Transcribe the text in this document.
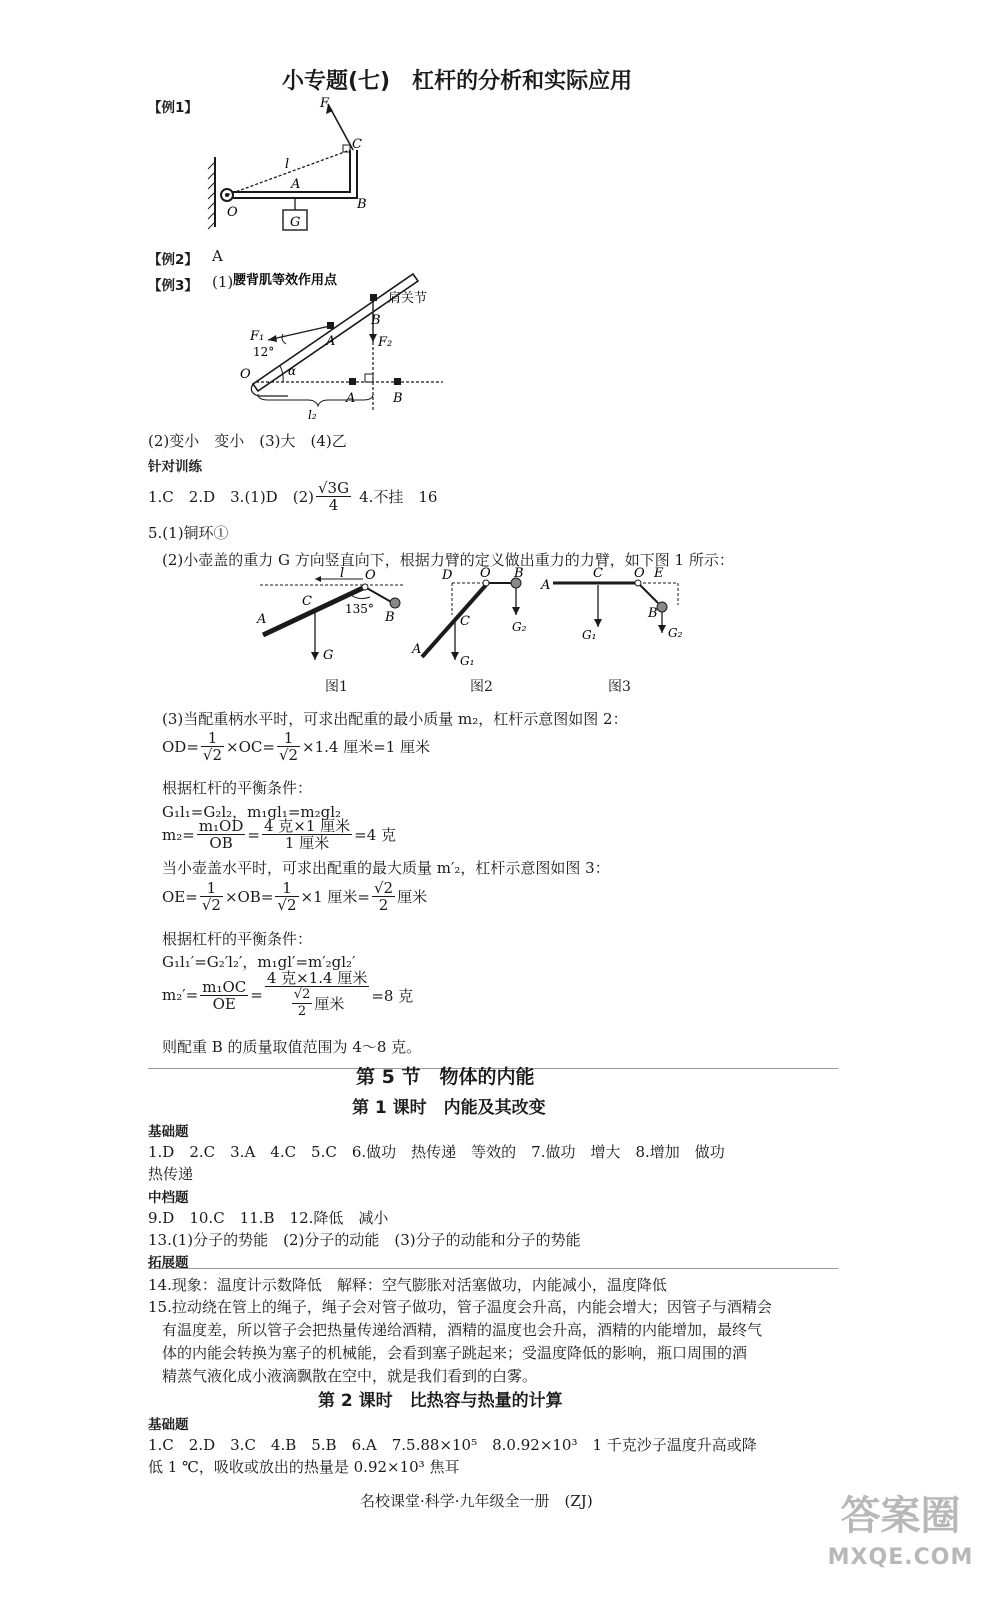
小专题(七)　杠杆的分析和实际应用
【例1】	F
C
l
A
O
B
G
【例2】 A
【例3】 (1) 腰背肌等效作用点
肩关节
F₁	F₂
12°
α
A
B
O
A	B
l₂
(2)变小　变小　(3)大　(4)乙
针对训练
1.C　2.D　3.(1)D　$(2) \frac{√3G}{4} 4$.不挂　16
5.(1)铜环①
(2)小壶盖的重力 G 方向竖直向下，根据力臂的定义做出重力的力臂，如下图 1 所示：
l O
C
A	B
G
135°
图1
D O B
C
A
G₁
G₂
图2
A
C O E
B
G₁	G₂
图3
(3)当配重柄水平时，可求出配重的最小质量 m₂，杠杆示意图如图 2：
$OD= \frac{1}{√2} \times OC= \frac{1}{√2} \times 1.4$ 厘米=1 厘米
根据杠杆的平衡条件：
G₁l₁=G₂l₂，m₁gl₁=m₂gl₂
$m_2= \frac{\text{m₁OD}}{OB} = \frac{\text{4 克×1 厘米}}{\text{1 厘米}} =4$ 克
当小壶盖水平时，可求出配重的最大质量 m′₂，杠杆示意图如图 3：
$OE= \frac{1}{√2} \times OB= \frac{1}{√2} \times 1$ 厘米= $\frac{√2}{2}$ 厘米
根据杠杆的平衡条件：
G₁l₁′=G₂′l₂′，m₁gl′=m′₂gl₂′
$m_2'= \frac{\text{m₁OC}}{OE} = \frac{\text{4 克×1.4 厘米}}{\frac{√2}{2} 厘米} =8$ 克
则配重 B 的质量取值范围为 4～8 克。
第 5 节　物体的内能
第 1 课时　内能及其改变
基础题
1.D　2.C　3.A　4.C　5.C　6.做功　热传递　等效的　7.做功　增大　8.增加　做功
热传递
中档题
9.D　10.C　11.B　12.降低　减小
13.(1)分子的势能　(2)分子的动能　(3)分子的动能和分子的势能
拓展题
14.现象：温度计示数降低　解释：空气膨胀对活塞做功，内能减小，温度降低
15.拉动绕在管上的绳子，绳子会对管子做功，管子温度会升高，内能会增大；因管子与酒精会
有温度差，所以管子会把热量传递给酒精，酒精的温度也会升高，酒精的内能增加，最终气
体的内能会转换为塞子的机械能，会看到塞子跳起来；受温度降低的影响，瓶口周围的酒
精蒸气液化成小液滴飘散在空中，就是我们看到的白雾。
第 2 课时　比热容与热量的计算
基础题
1.C　2.D　3.C　4.B　5.B　6.A　7.5.88×10⁵　8.0.92×10³　1 千克沙子温度升高或降
低 1 ℃，吸收或放出的热量是 0.92×10³ 焦耳
名校课堂·科学·九年级全一册　(ZJ)	答案圈
MXQE.COM
